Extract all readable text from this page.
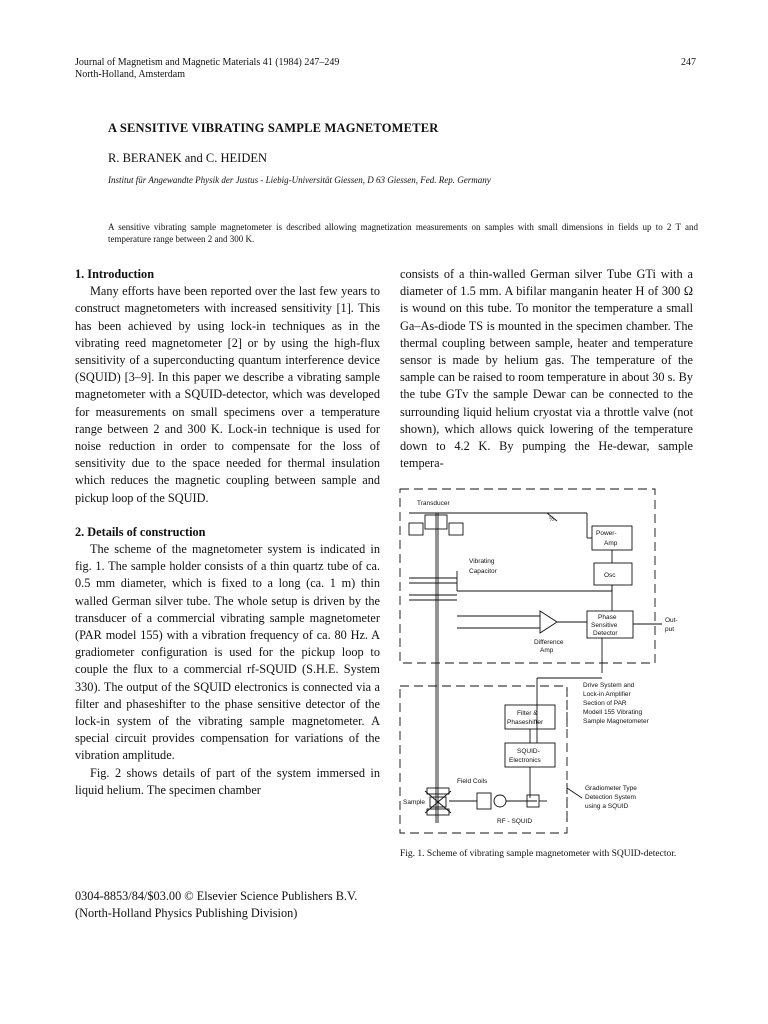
Journal of Magnetism and Magnetic Materials 41 (1984) 247–249
North-Holland, Amsterdam
247
A SENSITIVE VIBRATING SAMPLE MAGNETOMETER
R. BERANEK and C. HEIDEN
Institut für Angewandte Physik der Justus - Liebig-Universität Giessen, D 63 Giessen, Fed. Rep. Germany
A sensitive vibrating sample magnetometer is described allowing magnetization measurements on samples with small dimensions in fields up to 2 T and temperature range between 2 and 300 K.

1. Introduction

Many efforts have been reported over the last few years to construct magnetometers with increased sensitivity [1]. This has been achieved by using lock-in techniques as in the vibrating reed magnetometer [2] or by using the high-flux sensitivity of a superconducting quantum interference device (SQUID) [3–9]. In this paper we describe a vibrating sample magnetometer with a SQUID-detector, which was developed for measurements on small specimens over a temperature range between 2 and 300 K. Lock-in technique is used for noise reduction in order to compensate for the loss of sensitivity due to the space needed for thermal insulation which reduces the magnetic coupling between sample and pickup loop of the SQUID.

2. Details of construction

The scheme of the magnetometer system is indicated in fig. 1. The sample holder consists of a thin quartz tube of ca. 0.5 mm diameter, which is fixed to a long (ca. 1 m) thin walled German silver tube. The whole setup is driven by the transducer of a commercial vibrating sample magnetometer (PAR model 155) with a vibration frequency of ca. 80 Hz. A gradiometer configuration is used for the pickup loop to couple the flux to a commercial rf-SQUID (S.H.E. System 330). The output of the SQUID electronics is connected via a filter and phaseshifter to the phase sensitive detector of the lock-in system of the vibrating sample magnetometer. A special circuit provides compensation for variations of the vibration amplitude.

Fig. 2 shows details of part of the system immersed in liquid helium. The specimen chamber

consists of a thin-walled German silver Tube GTi with a diameter of 1.5 mm. A bifilar manganin heater H of 300 Ω is wound on this tube. To monitor the temperature a small Ga–As-diode TS is mounted in the specimen chamber. The thermal coupling between sample, heater and temperature sensor is made by helium gas. The temperature of the sample can be raised to room temperature in about 30 s. By the tube GTv the sample Dewar can be connected to the surrounding liquid helium cryostat via a throttle valve (not shown), which allows quick lowering of the temperature down to 4.2 K. By pumping the He-dewar, sample tempera-

Transducer
½
Power-
Amp
Vibrating
Capacitor
Osc
Phase
Sensitive
Detector
Out-
put
Difference
Amp
Drive System and
Lock-in Amplifier
Section of PAR
Modell 155 Vibrating
Sample Magnetometer
Filter &
Phaseshifter
SQUID-
Electronics
Field Coils
Sample
RF - SQUID
Gradiometer Type
Detection System
using a SQUID
Fig. 1. Scheme of vibrating sample magnetometer with SQUID-detector.
0304-8853/84/$03.00 © Elsevier Science Publishers B.V.
(North-Holland Physics Publishing Division)
